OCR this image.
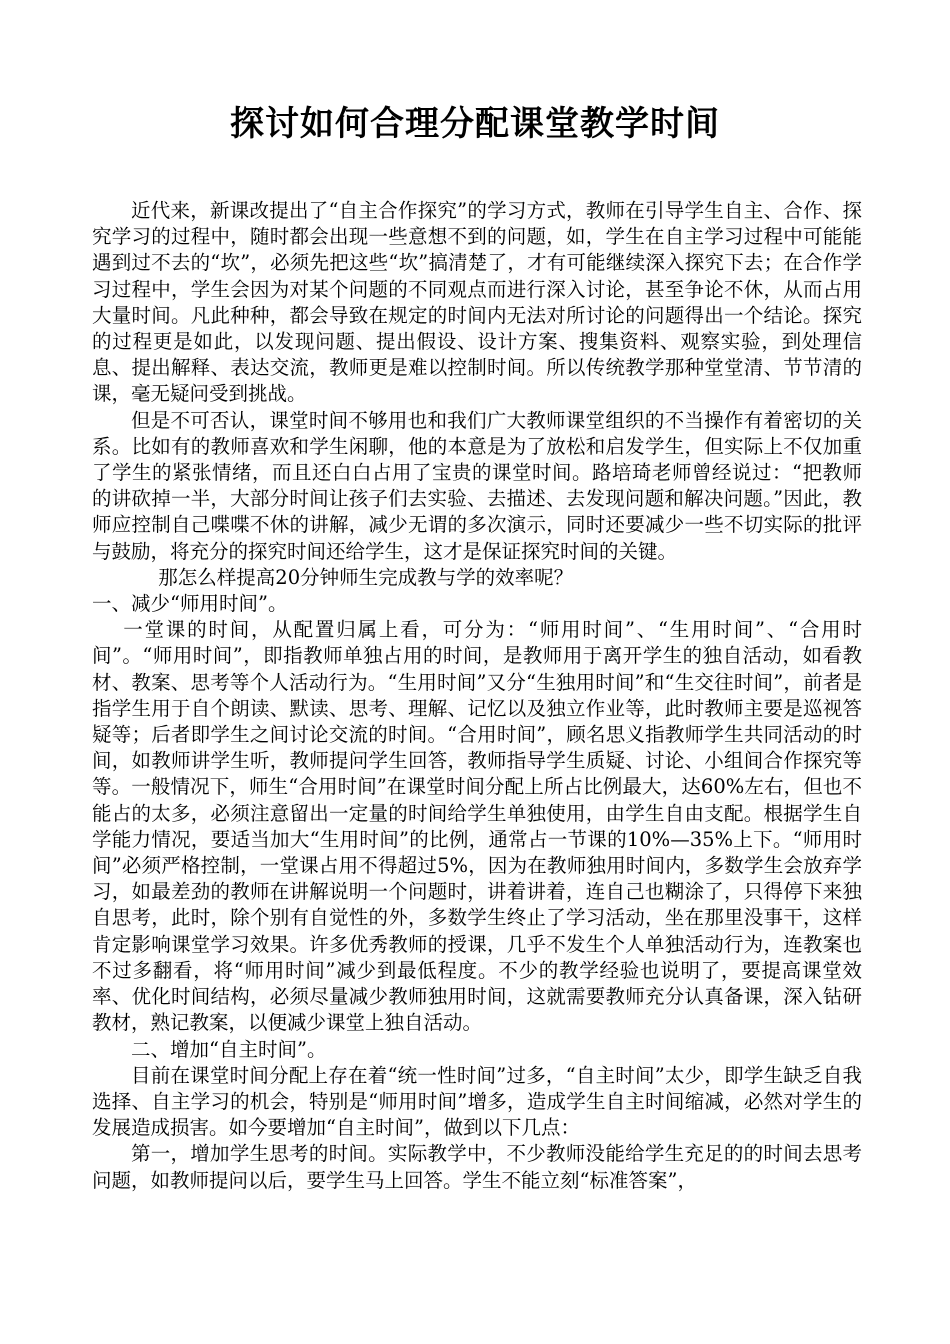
探讨如何合理分配课堂教学时间

近代来，新课改提出了“自主合作探究”的学习方式，教师在引导学生自主、合作、探究学习的过程中，随时都会出现一些意想不到的问题，如，学生在自主学习过程中可能能遇到过不去的“坎”，必须先把这些“坎”搞清楚了，才有可能继续深入探究下去；在合作学习过程中，学生会因为对某个问题的不同观点而进行深入讨论，甚至争论不休，从而占用大量时间。凡此种种，都会导致在规定的时间内无法对所讨论的问题得出一个结论。探究的过程更是如此，以发现问题、提出假设、设计方案、搜集资料、观察实验，到处理信息、提出解释、表达交流，教师更是难以控制时间。所以传统教学那种堂堂清、节节清的课，毫无疑问受到挑战。

但是不可否认，课堂时间不够用也和我们广大教师课堂组织的不当操作有着密切的关系。比如有的教师喜欢和学生闲聊，他的本意是为了放松和启发学生，但实际上不仅加重了学生的紧张情绪，而且还白白占用了宝贵的课堂时间。路培琦老师曾经说过：“把教师的讲砍掉一半，大部分时间让孩子们去实验、去描述、去发现问题和解决问题。”因此，教师应控制自己喋喋不休的讲解，减少无谓的多次演示，同时还要减少一些不切实际的批评与鼓励，将充分的探究时间还给学生，这才是保证探究时间的关键。

那怎么样提高20分钟师生完成教与学的效率呢？

一、减少“师用时间”。

一堂课的时间，从配置归属上看，可分为：“师用时间”、“生用时间”、“合用时间”。“师用时间”，即指教师单独占用的时间，是教师用于离开学生的独自活动，如看教材、教案、思考等个人活动行为。“生用时间”又分“生独用时间”和“生交往时间”，前者是指学生用于自个朗读、默读、思考、理解、记忆以及独立作业等，此时教师主要是巡视答疑等；后者即学生之间讨论交流的时间。“合用时间”，顾名思义指教师学生共同活动的时间，如教师讲学生听，教师提问学生回答，教师指导学生质疑、讨论、小组间合作探究等等。一般情况下，师生“合用时间”在课堂时间分配上所占比例最大，达60%左右，但也不能占的太多，必须注意留出一定量的时间给学生单独使用，由学生自由支配。根据学生自学能力情况，要适当加大“生用时间”的比例，通常占一节课的10%—35%上下。“师用时间”必须严格控制，一堂课占用不得超过5%，因为在教师独用时间内，多数学生会放弃学习，如最差劲的教师在讲解说明一个问题时，讲着讲着，连自己也糊涂了，只得停下来独自思考，此时，除个别有自觉性的外，多数学生终止了学习活动，坐在那里没事干，这样肯定影响课堂学习效果。许多优秀教师的授课，几乎不发生个人单独活动行为，连教案也不过多翻看，将“师用时间”减少到最低程度。不少的教学经验也说明了，要提高课堂效率、优化时间结构，必须尽量减少教师独用时间，这就需要教师充分认真备课，深入钻研教材，熟记教案，以便减少课堂上独自活动。

二、增加“自主时间”。

目前在课堂时间分配上存在着“统一性时间”过多，“自主时间”太少，即学生缺乏自我选择、自主学习的机会，特别是“师用时间”增多，造成学生自主时间缩减，必然对学生的发展造成损害。如今要增加“自主时间”，做到以下几点：

第一，增加学生思考的时间。实际教学中，不少教师没能给学生充足的的时间去思考问题，如教师提问以后，要学生马上回答。学生不能立刻“标准答案”，
